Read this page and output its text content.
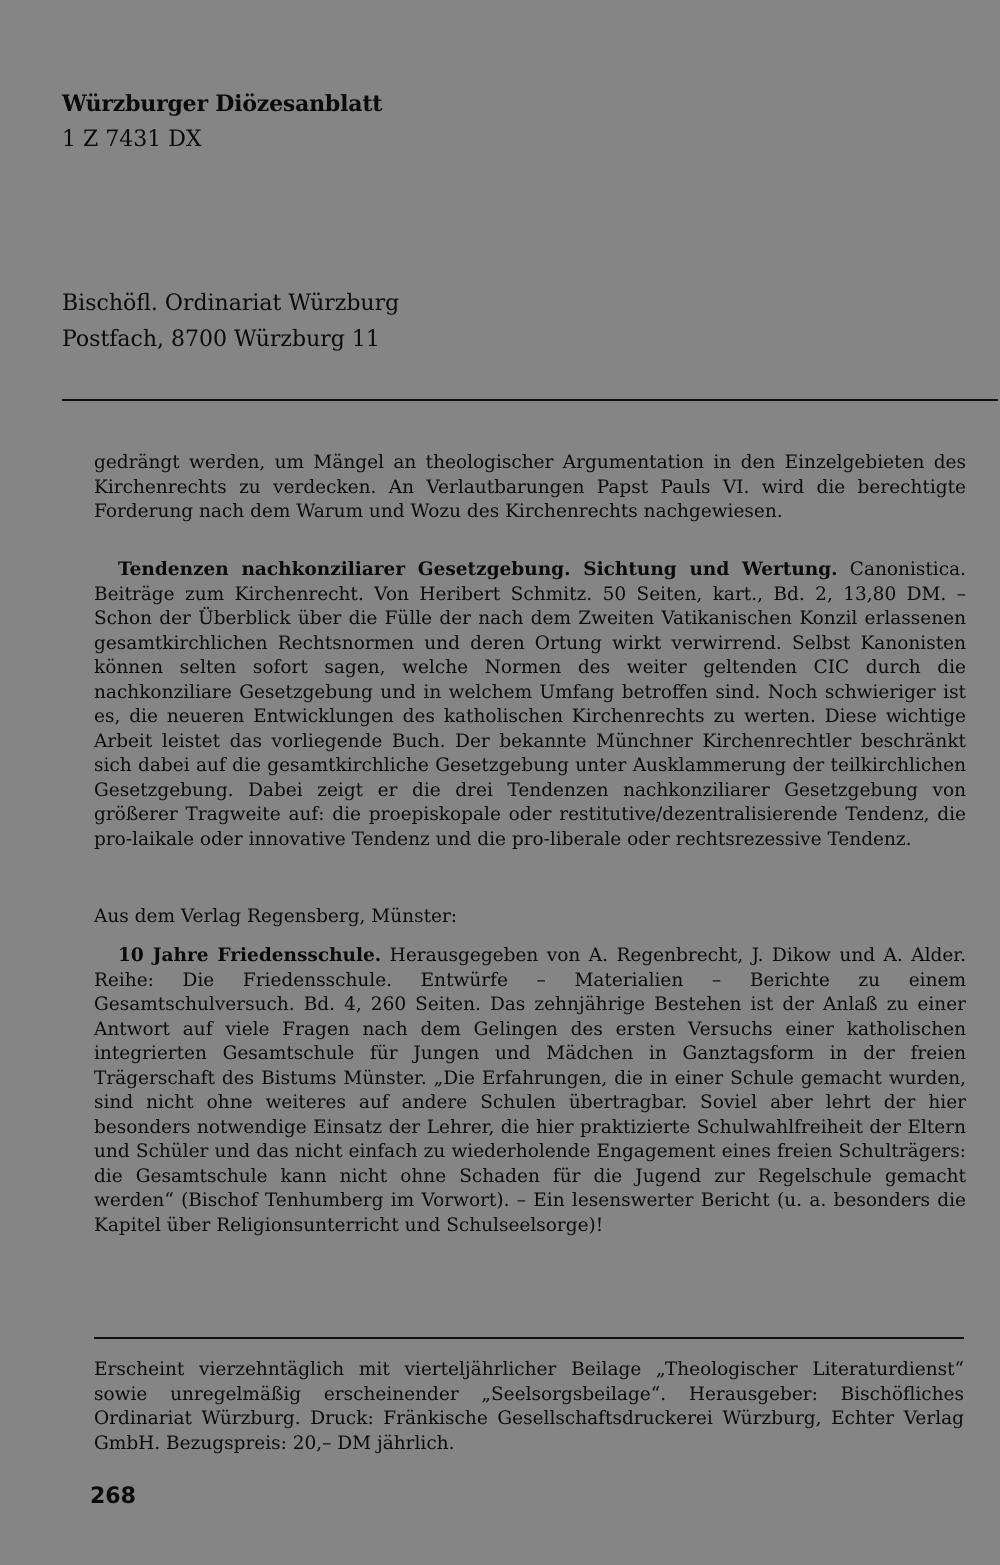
Würzburger Diözesanblatt
1 Z 7431 DX
Bischöfl. Ordinariat Würzburg
Postfach, 8700 Würzburg 11

gedrängt werden, um Mängel an theologischer Argumentation in den Einzelgebieten des Kirchenrechts zu verdecken. An Verlautbarungen Papst Pauls VI. wird die berechtigte Forderung nach dem Warum und Wozu des Kirchenrechts nachgewiesen.

Tendenzen nachkonziliarer Gesetzgebung. Sichtung und Wertung. Canonistica. Beiträge zum Kirchenrecht. Von Heribert Schmitz. 50 Seiten, kart., Bd. 2, 13,80 DM. – Schon der Überblick über die Fülle der nach dem Zweiten Vatikanischen Konzil erlassenen gesamtkirchlichen Rechtsnormen und deren Ortung wirkt verwirrend. Selbst Kanonisten können selten sofort sagen, welche Normen des weiter geltenden CIC durch die nachkonziliare Gesetzgebung und in welchem Umfang betroffen sind. Noch schwieriger ist es, die neueren Entwicklungen des katholischen Kirchenrechts zu werten. Diese wichtige Arbeit leistet das vorliegende Buch. Der bekannte Münchner Kirchenrechtler beschränkt sich dabei auf die gesamtkirchliche Gesetzgebung unter Ausklammerung der teilkirchlichen Gesetzgebung. Dabei zeigt er die drei Tendenzen nachkonziliarer Gesetzgebung von größerer Tragweite auf: die proepiskopale oder restitutive/dezentralisierende Tendenz, die pro-laikale oder innovative Tendenz und die pro-liberale oder rechtsrezessive Tendenz.

Aus dem Verlag Regensberg, Münster:

10 Jahre Friedensschule. Herausgegeben von A. Regenbrecht, J. Dikow und A. Alder. Reihe: Die Friedensschule. Entwürfe – Materialien – Berichte zu einem Gesamtschulversuch. Bd. 4, 260 Seiten. Das zehnjährige Bestehen ist der Anlaß zu einer Antwort auf viele Fragen nach dem Gelingen des ersten Versuchs einer katholischen integrierten Gesamtschule für Jungen und Mädchen in Ganztagsform in der freien Trägerschaft des Bistums Münster. „Die Erfahrungen, die in einer Schule gemacht wurden, sind nicht ohne weiteres auf andere Schulen übertragbar. Soviel aber lehrt der hier besonders notwendige Einsatz der Lehrer, die hier praktizierte Schulwahlfreiheit der Eltern und Schüler und das nicht einfach zu wiederholende Engagement eines freien Schulträgers: die Gesamtschule kann nicht ohne Schaden für die Jugend zur Regelschule gemacht werden“ (Bischof Tenhumberg im Vorwort). – Ein lesenswerter Bericht (u. a. besonders die Kapitel über Religionsunterricht und Schulseelsorge)!

Erscheint vierzehntäglich mit vierteljährlicher Beilage „Theologischer Literaturdienst“ sowie unregelmäßig erscheinender „Seelsorgsbeilage“. Herausgeber: Bischöfliches Ordinariat Würzburg. Druck: Fränkische Gesellschaftsdruckerei Würzburg, Echter Verlag GmbH. Bezugspreis: 20,– DM jährlich.

268
